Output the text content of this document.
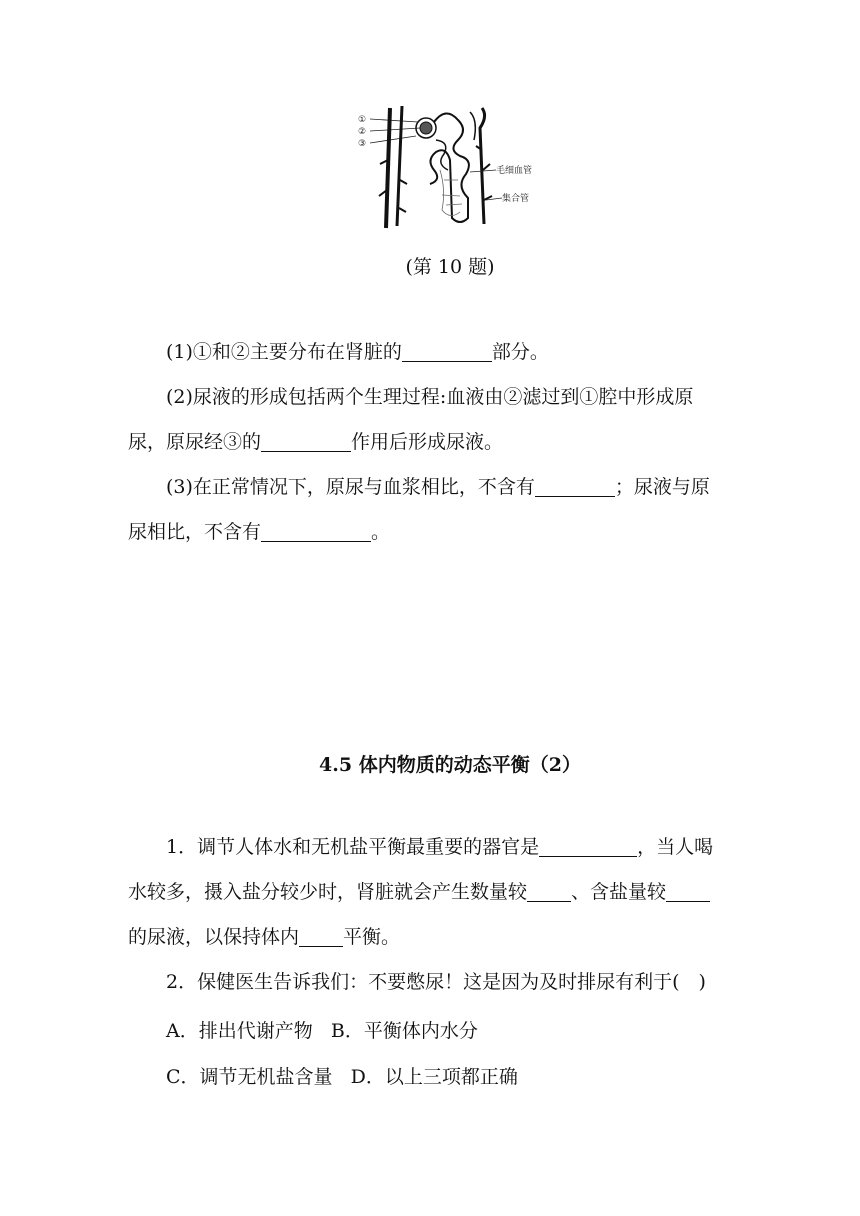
①
②
③
毛细血管
集合管
(第 10 题)
(1)①和②主要分布在肾脏的	部分。
(2)尿液的形成包括两个生理过程:血液由②滤过到①腔中形成原
尿，原尿经③的	作用后形成尿液。
(3)在正常情况下，原尿与血浆相比，不含有	；尿液与原
尿相比，不含有	。
4.5 体内物质的动态平衡（2）
1．调节人体水和无机盐平衡最重要的器官是	，当人喝
水较多，摄入盐分较少时，肾脏就会产生数量较 、含盐量较
的尿液，以保持体内 平衡。
2．保健医生告诉我们：不要憋尿！这是因为及时排尿有利于(　)
A．排出代谢产物 B．平衡体内水分
C．调节无机盐含量 D．以上三项都正确
